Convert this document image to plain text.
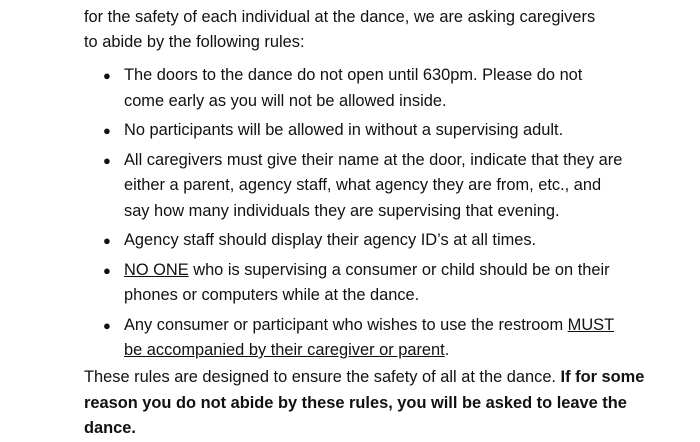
for the safety of each individual at the dance, we are asking caregivers
to abide by the following rules:

● The doors to the dance do not open until 630pm. Please do not come early as you will not be allowed inside.
● No participants will be allowed in without a supervising adult.
● All caregivers must give their name at the door, indicate that they are either a parent, agency staff, what agency they are from, etc., and say how many individuals they are supervising that evening.
● Agency staff should display their agency ID’s at all times.
● NO ONE who is supervising a consumer or child should be on their phones or computers while at the dance.
● Any consumer or participant who wishes to use the restroom MUST be accompanied by their caregiver or parent.

These rules are designed to ensure the safety of all at the dance. If for some reason you do not abide by these rules, you will be asked to leave the dance.
